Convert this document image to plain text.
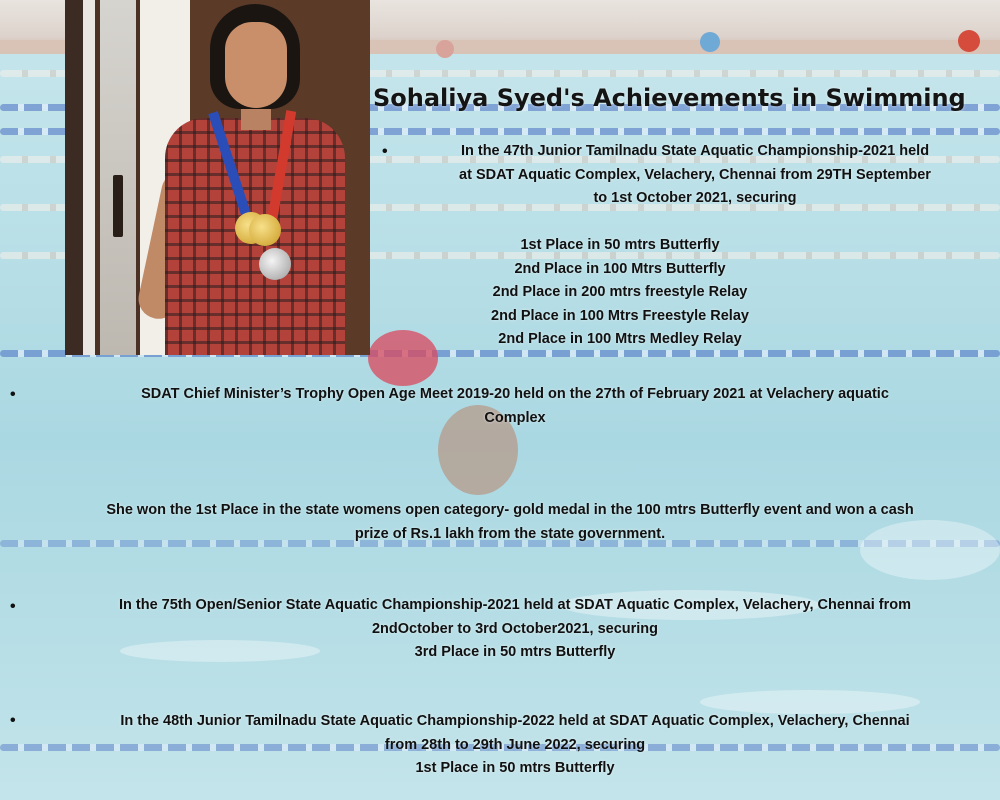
Sohaliya Syed's Achievements in Swimming
•	In the 47th Junior Tamilnadu State Aquatic Championship-2021 held
at SDAT Aquatic Complex, Velachery, Chennai from 29TH September
to 1st October 2021, securing
1st Place in 50 mtrs Butterfly
2nd Place in 100 Mtrs Butterfly
2nd Place in 200 mtrs freestyle Relay
2nd Place in 100 Mtrs Freestyle Relay
2nd Place in 100 Mtrs Medley Relay
•	SDAT Chief Minister’s Trophy Open Age Meet 2019-20 held on the 27th of February 2021 at Velachery aquatic
Complex
She won the 1st Place in the state womens open category- gold medal in the 100 mtrs Butterfly event and won a cash
prize of Rs.1 lakh from the state government.
•	In the 75th Open/Senior State Aquatic Championship-2021 held at SDAT Aquatic Complex, Velachery, Chennai from
2ndOctober to 3rd October2021, securing
3rd Place in 50 mtrs Butterfly
•	In the 48th Junior Tamilnadu State Aquatic Championship-2022 held at SDAT Aquatic Complex, Velachery, Chennai
from 28th to 29th June 2022, securing
1st Place in 50 mtrs Butterfly
